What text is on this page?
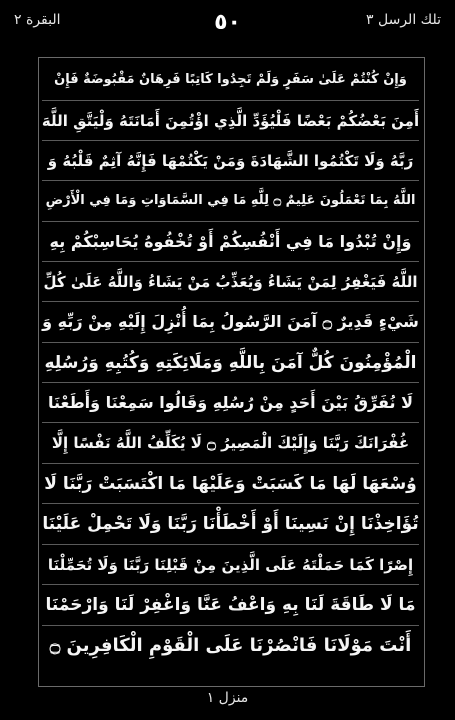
البقرة ٢	٥٠	تلك الرسل ٣
وَإِنْ كُنْتُمْ عَلَىٰ سَفَرٍ وَلَمْ تَجِدُوا كَاتِبًا فَرِهَانٌ مَقْبُوضَةٌ فَإِنْ
أَمِنَ بَعْضُكُمْ بَعْضًا فَلْيُؤَدِّ الَّذِي اؤْتُمِنَ أَمَانَتَهُ وَلْيَتَّقِ اللَّهَ
رَبَّهُ وَلَا تَكْتُمُوا الشَّهَادَةَ وَمَنْ يَكْتُمْهَا فَإِنَّهُ آثِمٌ قَلْبُهُ وَ
اللَّهُ بِمَا تَعْمَلُونَ عَلِيمٌ ۝ لِلَّهِ مَا فِي السَّمَاوَاتِ وَمَا فِي الْأَرْضِ
وَإِنْ تُبْدُوا مَا فِي أَنْفُسِكُمْ أَوْ تُخْفُوهُ يُحَاسِبْكُمْ بِهِ
اللَّهُ فَيَغْفِرُ لِمَنْ يَشَاءُ وَيُعَذِّبُ مَنْ يَشَاءُ وَاللَّهُ عَلَىٰ كُلِّ
شَيْءٍ قَدِيرٌ ۝ آمَنَ الرَّسُولُ بِمَا أُنْزِلَ إِلَيْهِ مِنْ رَبِّهِ وَ
الْمُؤْمِنُونَ كُلٌّ آمَنَ بِاللَّهِ وَمَلَائِكَتِهِ وَكُتُبِهِ وَرُسُلِهِ
لَا نُفَرِّقُ بَيْنَ أَحَدٍ مِنْ رُسُلِهِ وَقَالُوا سَمِعْنَا وَأَطَعْنَا
غُفْرَانَكَ رَبَّنَا وَإِلَيْكَ الْمَصِيرُ ۝ لَا يُكَلِّفُ اللَّهُ نَفْسًا إِلَّا
وُسْعَهَا لَهَا مَا كَسَبَتْ وَعَلَيْهَا مَا اكْتَسَبَتْ رَبَّنَا لَا
تُؤَاخِذْنَا إِنْ نَسِينَا أَوْ أَخْطَأْنَا رَبَّنَا وَلَا تَحْمِلْ عَلَيْنَا
إِصْرًا كَمَا حَمَلْتَهُ عَلَى الَّذِينَ مِنْ قَبْلِنَا رَبَّنَا وَلَا تُحَمِّلْنَا
مَا لَا طَاقَةَ لَنَا بِهِ وَاعْفُ عَنَّا وَاغْفِرْ لَنَا وَارْحَمْنَا
أَنْتَ مَوْلَانَا فَانْصُرْنَا عَلَى الْقَوْمِ الْكَافِرِينَ ۝
منزل ١
